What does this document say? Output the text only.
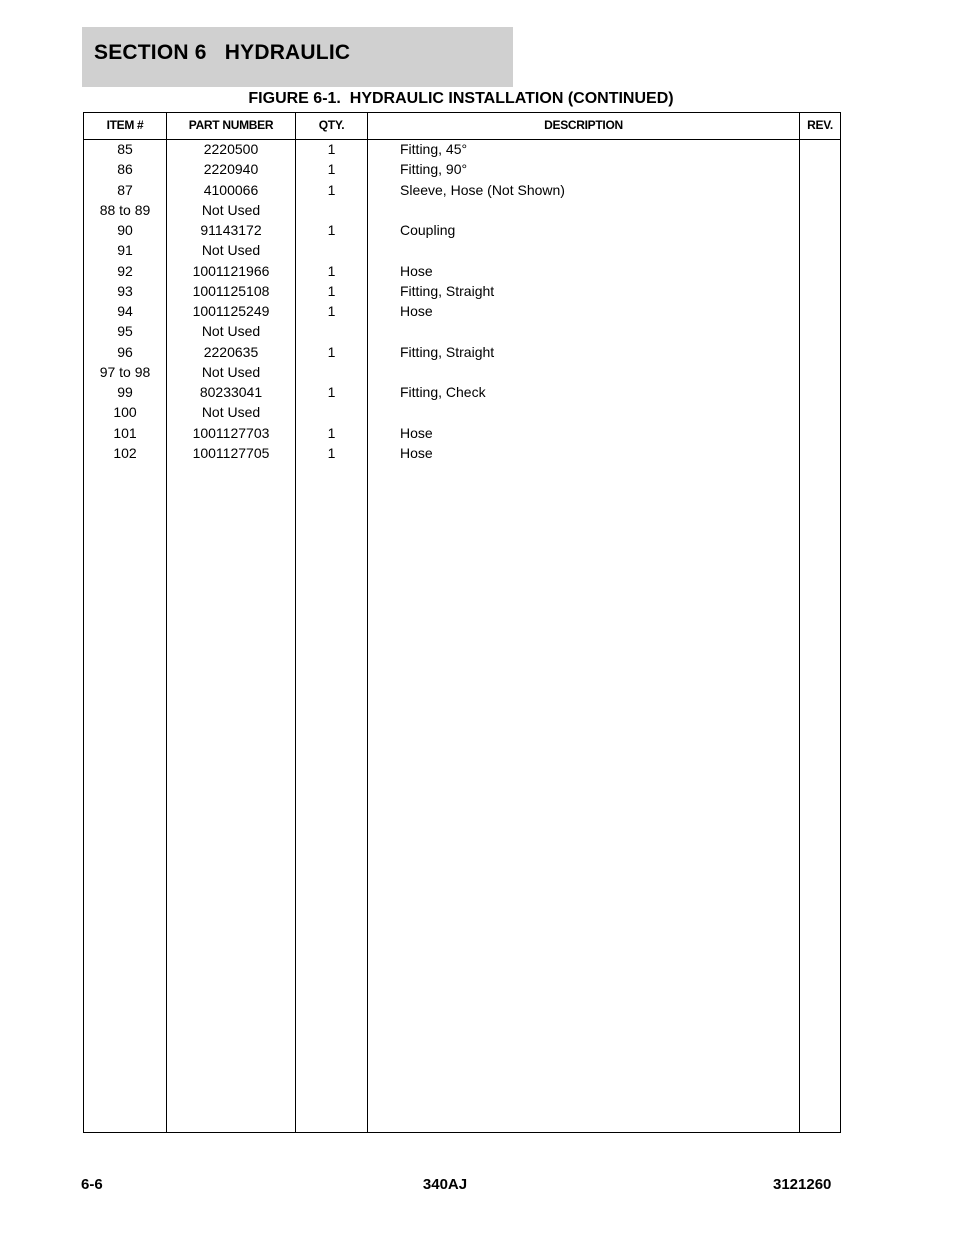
SECTION 6   HYDRAULIC
FIGURE 6-1.  HYDRAULIC INSTALLATION (CONTINUED)
ITEM #	PART NUMBER	QTY.	DESCRIPTION	REV.
85	2220500	1	Fitting, 45°
86	2220940	1	Fitting, 90°
87	4100066	1	Sleeve, Hose (Not Shown)
88 to 89	Not Used
90	91143172	1	Coupling
91	Not Used
92	1001121966	1	Hose
93	1001125108	1	Fitting, Straight
94	1001125249	1	Hose
95	Not Used
96	2220635	1	Fitting, Straight
97 to 98	Not Used
99	80233041	1	Fitting, Check
100	Not Used
101	1001127703	1	Hose
102	1001127705	1	Hose
6-6	340AJ	3121260
